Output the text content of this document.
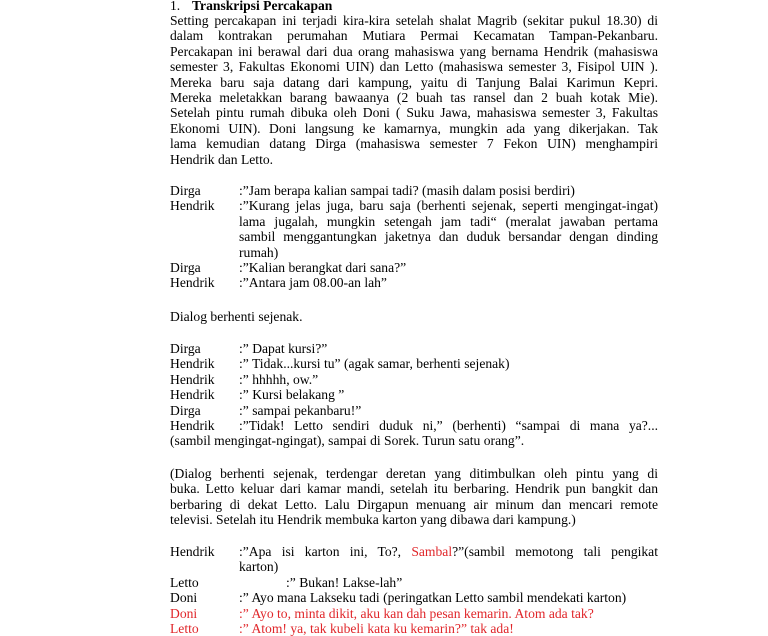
1. Transkripsi Percakapan
Setting percakapan ini terjadi kira-kira setelah shalat Magrib (sekitar pukul 18.30) di
dalam kontrakan perumahan Mutiara Permai Kecamatan Tampan-Pekanbaru.
Percakapan ini berawal dari dua orang mahasiswa yang bernama Hendrik (mahasiswa
semester 3, Fakultas Ekonomi UIN) dan Letto (mahasiswa semester 3, Fisipol UIN ).
Mereka baru saja datang dari kampung, yaitu di Tanjung Balai Karimun Kepri.
Mereka meletakkan barang bawaanya (2 buah tas ransel dan 2 buah kotak Mie).
Setelah pintu rumah dibuka oleh Doni ( Suku Jawa, mahasiswa semester 3, Fakultas
Ekonomi UIN). Doni langsung ke kamarnya, mungkin ada yang dikerjakan. Tak
lama kemudian datang Dirga (mahasiswa semester 7 Fekon UIN) menghampiri
Hendrik dan Letto.
Dirga	:”Jam berapa kalian sampai tadi? (masih dalam posisi berdiri)
Hendrik :”Kurang jelas juga, baru saja (berhenti sejenak, seperti mengingat-ingat)
lama jugalah, mungkin setengah jam tadi“ (meralat jawaban pertama
sambil menggantungkan jaketnya dan duduk bersandar dengan dinding
rumah)
Dirga	:”Kalian berangkat dari sana?”
Hendrik :”Antara jam 08.00-an lah”
Dialog berhenti sejenak.
Dirga	:” Dapat kursi?”
Hendrik :” Tidak...kursi tu” (agak samar, berhenti sejenak)
Hendrik :” hhhhh, ow.”
Hendrik :” Kursi belakang ”
Dirga	:” sampai pekanbaru!”
Hendrik :”Tidak! Letto sendiri duduk ni,” (berhenti) “sampai di mana ya?...
(sambil mengingat-ngingat), sampai di Sorek. Turun satu orang”.
(Dialog berhenti sejenak, terdengar deretan yang ditimbulkan oleh pintu yang di
buka. Letto keluar dari kamar mandi, setelah itu berbaring. Hendrik pun bangkit dan
berbaring di dekat Letto. Lalu Dirgapun menuang air minum dan mencari remote
televisi. Setelah itu Hendrik membuka karton yang dibawa dari kampung.)
Hendrik :”Apa isi karton ini, To?, Sambal?”(sambil memotong tali pengikat
karton)
Letto	:” Bukan! Lakse-lah”
Doni	:” Ayo mana Lakseku tadi (peringatkan Letto sambil mendekati karton)
Doni	:” Ayo to, minta dikit, aku kan dah pesan kemarin. Atom ada tak?
Letto	:” Atom! ya, tak kubeli kata ku kemarin?” tak ada!
